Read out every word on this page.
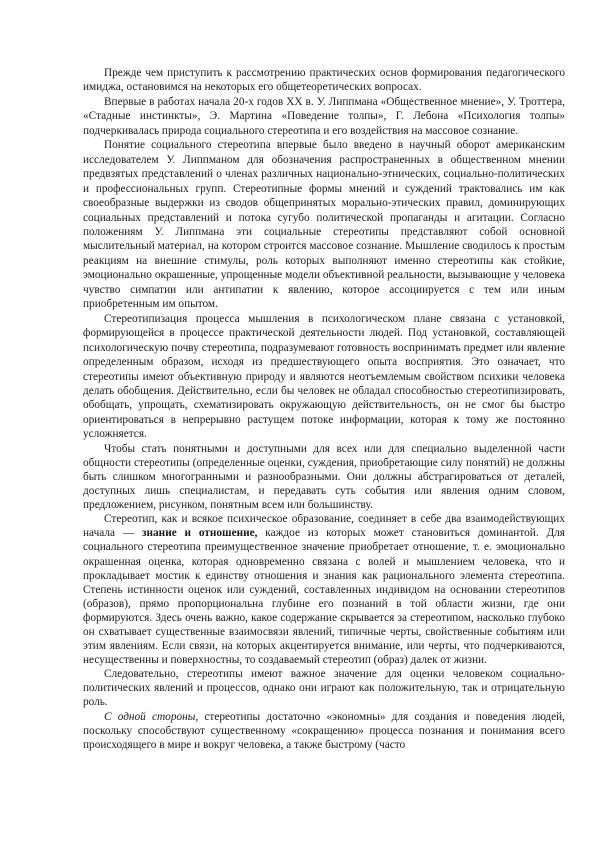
Прежде чем приступить к рассмотрению практических основ формирования педагогического имиджа, остановимся на некоторых его общетеоретических вопросах.

Впервые в работах начала 20-х годов XX в. У. Липпмана «Общественное мнение», У. Троттера, «Стадные инстинкты», Э. Мартина «Поведение толпы», Г. Лебона «Психология толпы» подчеркивалась природа социального стереотипа и его воздействия на массовое сознание.

Понятие социального стереотипа впервые было введено в научный оборот американским исследователем У. Липпманом для обозначения распространенных в общественном мнении предвзятых представлений о членах различных национально-этнических, социально-политических и профессиональных групп. Стереотипные формы мнений и суждений трактовались им как своеобразные выдержки из сводов общепринятых морально-этических правил, доминирующих социальных представлений и потока сугубо политической пропаганды и агитации. Согласно положениям У. Липпмана эти социальные стереотипы представляют собой основной мыслительный материал, на котором строится массовое сознание. Мышление сводилось к простым реакциям на внешние стимулы, роль которых выполняют именно стереотипы как стойкие, эмоционально окрашенные, упрощенные модели объективной реальности, вызывающие у человека чувство симпатии или антипатии к явлению, которое ассоциируется с тем или иным приобретенным им опытом.

Стереотипизация процесса мышления в психологическом плане связана с установкой, формирующейся в процессе практической деятельности людей. Под установкой, составляющей психологическую почву стереотипа, подразумевают готовность воспринимать предмет или явление определенным образом, исходя из предшествующего опыта восприятия. Это означает, что стереотипы имеют объективную природу и являются неотъемлемым свойством психики человека делать обобщения. Действительно, если бы человек не обладал способностью стереотипизировать, обобщать, упрощать, схематизировать окружающую действительность, он не смог бы быстро ориентироваться в непрерывно растущем потоке информации, которая к тому же постоянно усложняется.

Чтобы стать понятными и доступными для всех или для специально выделенной части общности стереотипы (определенные оценки, суждения, приобретающие силу понятий) не должны быть слишком многогранными и разнообразными. Они должны абстрагироваться от деталей, доступных лишь специалистам, и передавать суть события или явления одним словом, предложением, рисунком, понятным всем или большинству.

Стереотип, как и всякое психическое образование, соединяет в себе два взаимодействующих начала — знание и отношение, каждое из которых может становиться доминантой. Для социального стереотипа преимущественное значение приобретает отношение, т. е. эмоционально окрашенная оценка, которая одновременно связана с волей и мышлением человека, что и прокладывает мостик к единству отношения и знания как рационального элемента стереотипа. Степень истинности оценок или суждений, составленных индивидом на основании стереотипов (образов), прямо пропорциональна глубине его познаний в той области жизни, где они формируются. Здесь очень важно, какое содержание скрывается за стереотипом, насколько глубоко он схватывает существенные взаимосвязи явлений, типичные черты, свойственные событиям или этим явлениям. Если связи, на которых акцентируется внимание, или черты, что подчеркиваются, несущественны и поверхностны, то создаваемый стереотип (образ) далек от жизни.

Следовательно, стереотипы имеют важное значение для оценки человеком социально-политических явлений и процессов, однако они играют как положительную, так и отрицательную роль.

С одной стороны, стереотипы достаточно «экономны» для создания и поведения людей, поскольку способствуют существенному «сокращению» процесса познания и понимания всего происходящего в мире и вокруг человека, а также быстрому (часто
